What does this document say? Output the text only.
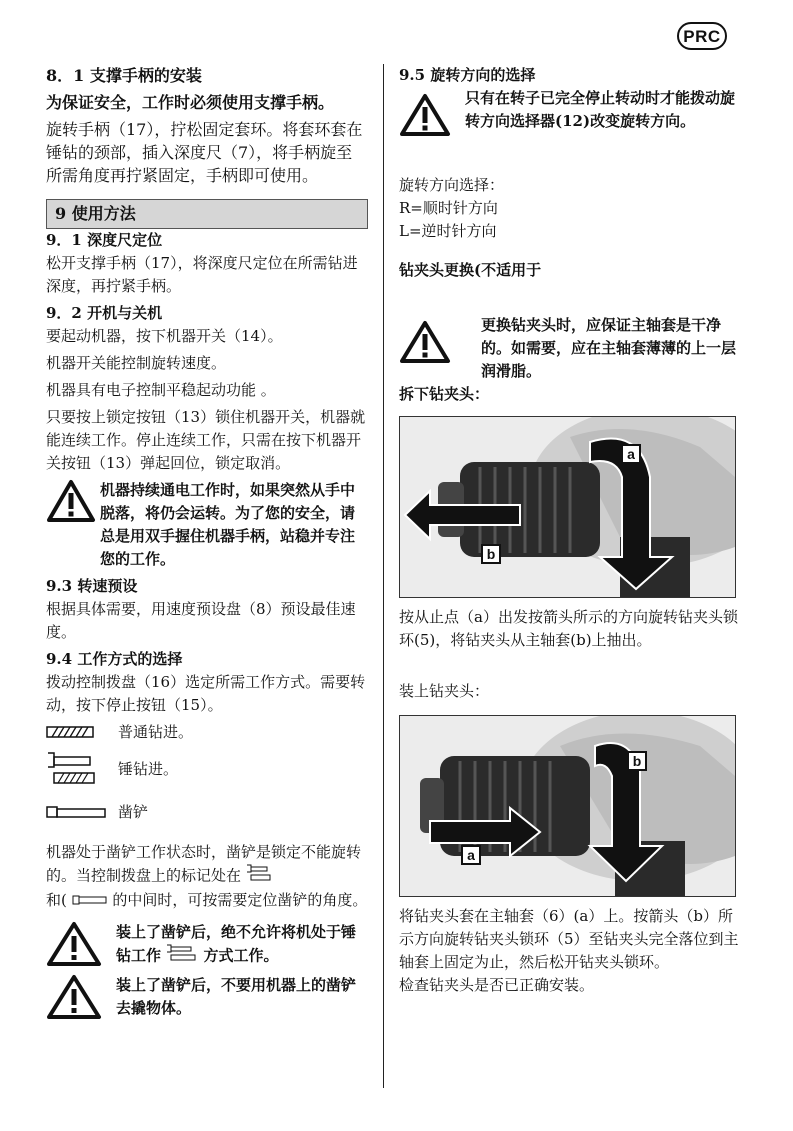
PRC

8．1 支撑手柄的安装

为保证安全，工作时必须使用支撑手柄。

旋转手柄（17），拧松固定套环。将套环套在锤钻的颈部，插入深度尺（7），将手柄旋至所需角度再拧紧固定，手柄即可使用。

9 使用方法

9．1 深度尺定位

松开支撑手柄（17），将深度尺定位在所需钻进深度，再拧紧手柄。

9．2 开机与关机

要起动机器，按下机器开关（14）。

机器开关能控制旋转速度。

机器具有电子控制平稳起动功能 。

只要按上锁定按钮（13）锁住机器开关，机器就能连续工作。停止连续工作，只需在按下机器开关按钮（13）弹起回位，锁定取消。

机器持续通电工作时，如果突然从手中脱落，将仍会运转。为了您的安全，请总是用双手握住机器手柄，站稳并专注您的工作。

9.3 转速预设

根据具体需要，用速度预设盘（8）预设最佳速度。

9.4 工作方式的选择

拨动控制拨盘（16）选定所需工作方式。需要转动，按下停止按钮（15）。

普通钻进。
锤钻进。
凿铲

机器处于凿铲工作状态时，凿铲是锁定不能旋转的。当控制拨盘上的标记处在
和(	的中间时，可按需要定位凿铲的角度。

装上了凿铲后，绝不允许将机处于锤钻工作	方式工作。

装上了凿铲后，不要用机器上的凿铲去撬物体。

9.5 旋转方向的选择

只有在转子已完全停止转动时才能拨动旋转方向选择器(12)改变旋转方向。

旋转方向选择：

R=顺时针方向

L=逆时针方向

钻夹头更换(不适用于

更换钻夹头时，应保证主轴套是干净的。如需要，应在主轴套薄薄的上一层润滑脂。

拆下钻夹头：

a
b

按从止点（a）出发按箭头所示的方向旋转钻夹头锁环(5)，将钻夹头从主轴套(b)上抽出。

装上钻夹头：

b
a

将钻夹头套在主轴套（6）(a）上。按箭头（b）所示方向旋转钻夹头锁环（5）至钻夹头完全落位到主轴套上固定为止，然后松开钻夹头锁环。

检查钻夹头是否已正确安装。
